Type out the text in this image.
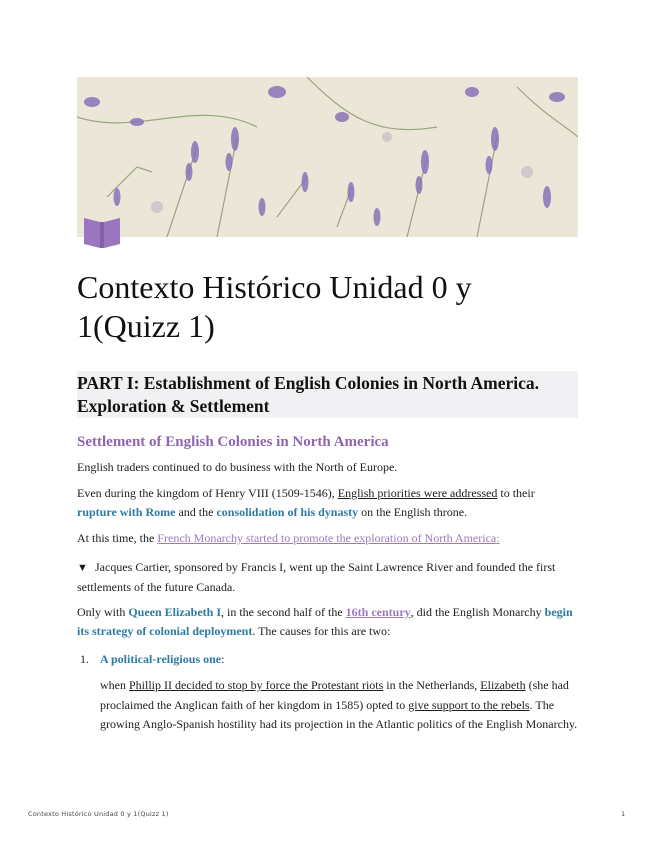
Contexto Histórico Unidad 0 y 1(Quizz 1)
PART I: Establishment of English Colonies in North America. Exploration & Settlement
Settlement of English Colonies in North America

English traders continued to do business with the North of Europe.

Even during the kingdom of Henry VIII (1509-1546), English priorities were addressed to their rupture with Rome and the consolidation of his dynasty on the English throne.

At this time, the French Monarchy started to promote the exploration of North America:

▼ Jacques Cartier, sponsored by Francis I, went up the Saint Lawrence River and founded the first settlements of the future Canada.

Only with Queen Elizabeth I, in the second half of the 16th century, did the English Monarchy begin its strategy of colonial deployment. The causes for this are two:

1. A political-religious one:

when Phillip II decided to stop by force the Protestant riots in the Netherlands, Elizabeth (she had proclaimed the Anglican faith of her kingdom in 1585) opted to give support to the rebels. The growing Anglo-Spanish hostility had its projection in the Atlantic politics of the English Monarchy.

Contexto Histórico Unidad 0 y 1(Quizz 1)	1
